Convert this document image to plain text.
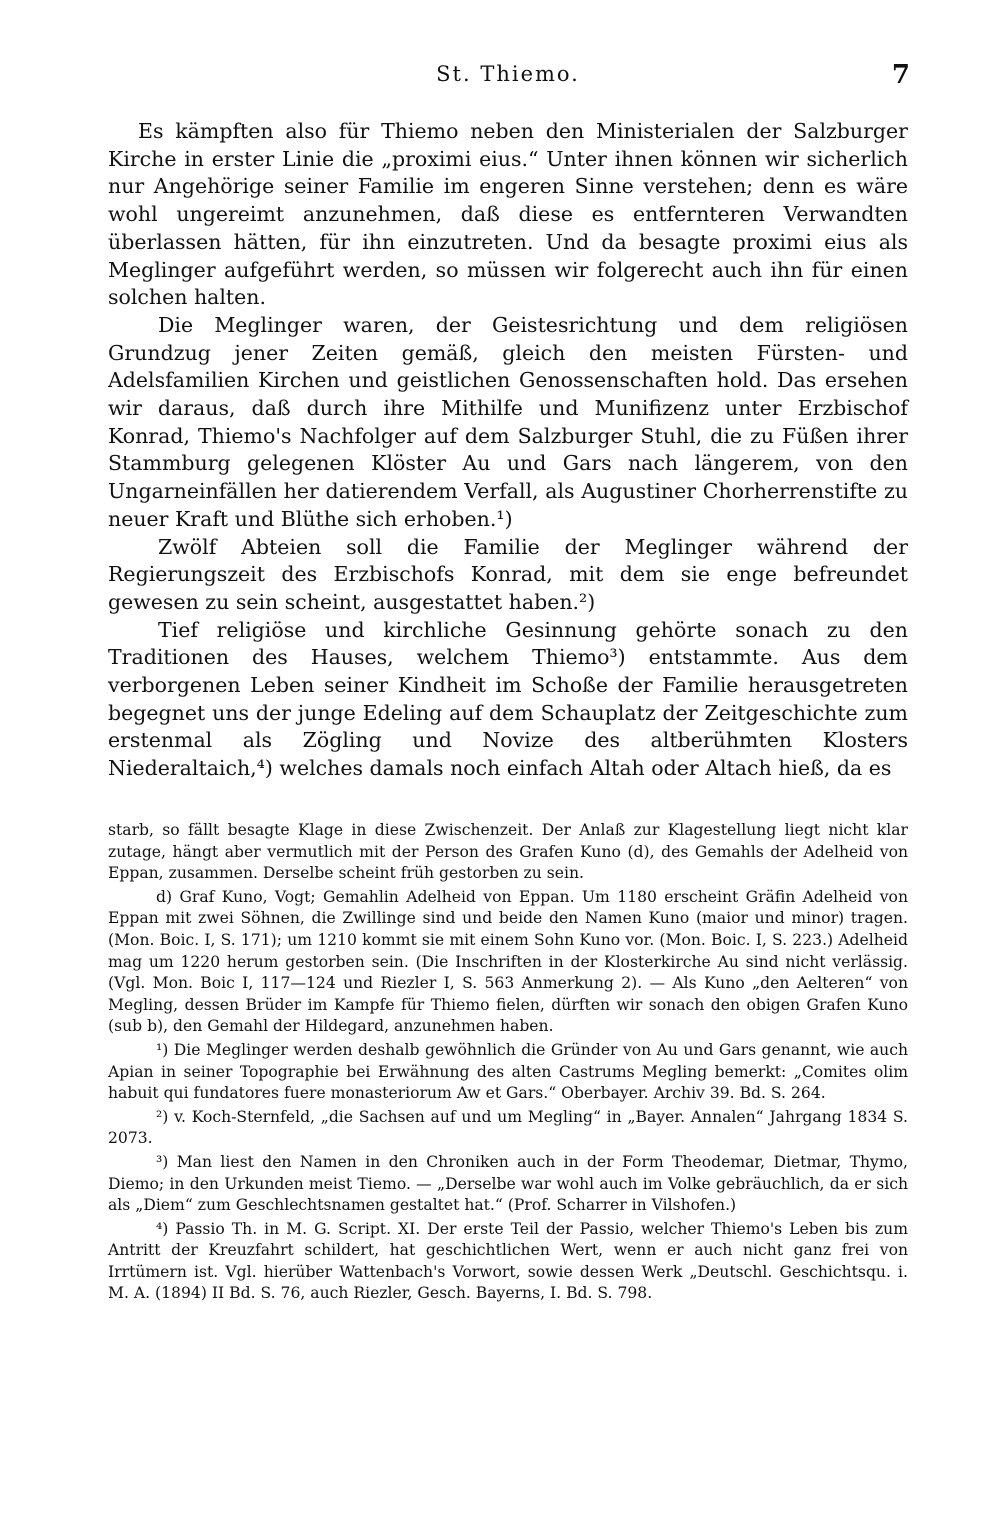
St. Thiemo.	7

Es kämpften also für Thiemo neben den Ministerialen der Salzburger Kirche in erster Linie die „proximi eius.“ Unter ihnen können wir sicherlich nur Angehörige seiner Familie im engeren Sinne verstehen; denn es wäre wohl ungereimt anzunehmen, daß diese es entfernteren Verwandten überlassen hätten, für ihn einzutreten. Und da besagte proximi eius als Meglinger aufgeführt werden, so müssen wir folgerecht auch ihn für einen solchen halten.

Die Meglinger waren, der Geistesrichtung und dem religiösen Grundzug jener Zeiten gemäß, gleich den meisten Fürsten- und Adelsfamilien Kirchen und geistlichen Genossenschaften hold. Das ersehen wir daraus, daß durch ihre Mithilfe und Munifizenz unter Erzbischof Konrad, Thiemo's Nachfolger auf dem Salzburger Stuhl, die zu Füßen ihrer Stammburg gelegenen Klöster Au und Gars nach längerem, von den Ungarneinfällen her datierendem Verfall, als Augustiner Chorherrenstifte zu neuer Kraft und Blüthe sich erhoben.¹)

Zwölf Abteien soll die Familie der Meglinger während der Regierungszeit des Erzbischofs Konrad, mit dem sie enge befreundet gewesen zu sein scheint, ausgestattet haben.²)

Tief religiöse und kirchliche Gesinnung gehörte sonach zu den Traditionen des Hauses, welchem Thiemo³) entstammte. Aus dem verborgenen Leben seiner Kindheit im Schoße der Familie herausgetreten begegnet uns der junge Edeling auf dem Schauplatz der Zeitgeschichte zum erstenmal als Zögling und Novize des altberühmten Klosters Niederaltaich,⁴) welches damals noch einfach Altah oder Altach hieß, da es

starb, so fällt besagte Klage in diese Zwischenzeit. Der Anlaß zur Klagestellung liegt nicht klar zutage, hängt aber vermutlich mit der Person des Grafen Kuno (d), des Gemahls der Adelheid von Eppan, zusammen. Derselbe scheint früh gestorben zu sein.

d) Graf Kuno, Vogt; Gemahlin Adelheid von Eppan. Um 1180 erscheint Gräfin Adelheid von Eppan mit zwei Söhnen, die Zwillinge sind und beide den Namen Kuno (maior und minor) tragen. (Mon. Boic. I, S. 171); um 1210 kommt sie mit einem Sohn Kuno vor. (Mon. Boic. I, S. 223.) Adelheid mag um 1220 herum gestorben sein. (Die Inschriften in der Klosterkirche Au sind nicht verlässig. (Vgl. Mon. Boic I, 117—124 und Riezler I, S. 563 Anmerkung 2). — Als Kuno „den Aelteren“ von Megling, dessen Brüder im Kampfe für Thiemo fielen, dürften wir sonach den obigen Grafen Kuno (sub b), den Gemahl der Hildegard, anzunehmen haben.

¹) Die Meglinger werden deshalb gewöhnlich die Gründer von Au und Gars genannt, wie auch Apian in seiner Topographie bei Erwähnung des alten Castrums Megling bemerkt: „Comites olim habuit qui fundatores fuere monasteriorum Aw et Gars.“ Oberbayer. Archiv 39. Bd. S. 264.

²) v. Koch-Sternfeld, „die Sachsen auf und um Megling“ in „Bayer. Annalen“ Jahrgang 1834 S. 2073.

³) Man liest den Namen in den Chroniken auch in der Form Theodemar, Dietmar, Thymo, Diemo; in den Urkunden meist Tiemo. — „Derselbe war wohl auch im Volke gebräuchlich, da er sich als „Diem“ zum Geschlechtsnamen gestaltet hat.“ (Prof. Scharrer in Vilshofen.)

⁴) Passio Th. in M. G. Script. XI. Der erste Teil der Passio, welcher Thiemo's Leben bis zum Antritt der Kreuzfahrt schildert, hat geschichtlichen Wert, wenn er auch nicht ganz frei von Irrtümern ist. Vgl. hierüber Wattenbach's Vorwort, sowie dessen Werk „Deutschl. Geschichtsqu. i. M. A. (1894) II Bd. S. 76, auch Riezler, Gesch. Bayerns, I. Bd. S. 798.
